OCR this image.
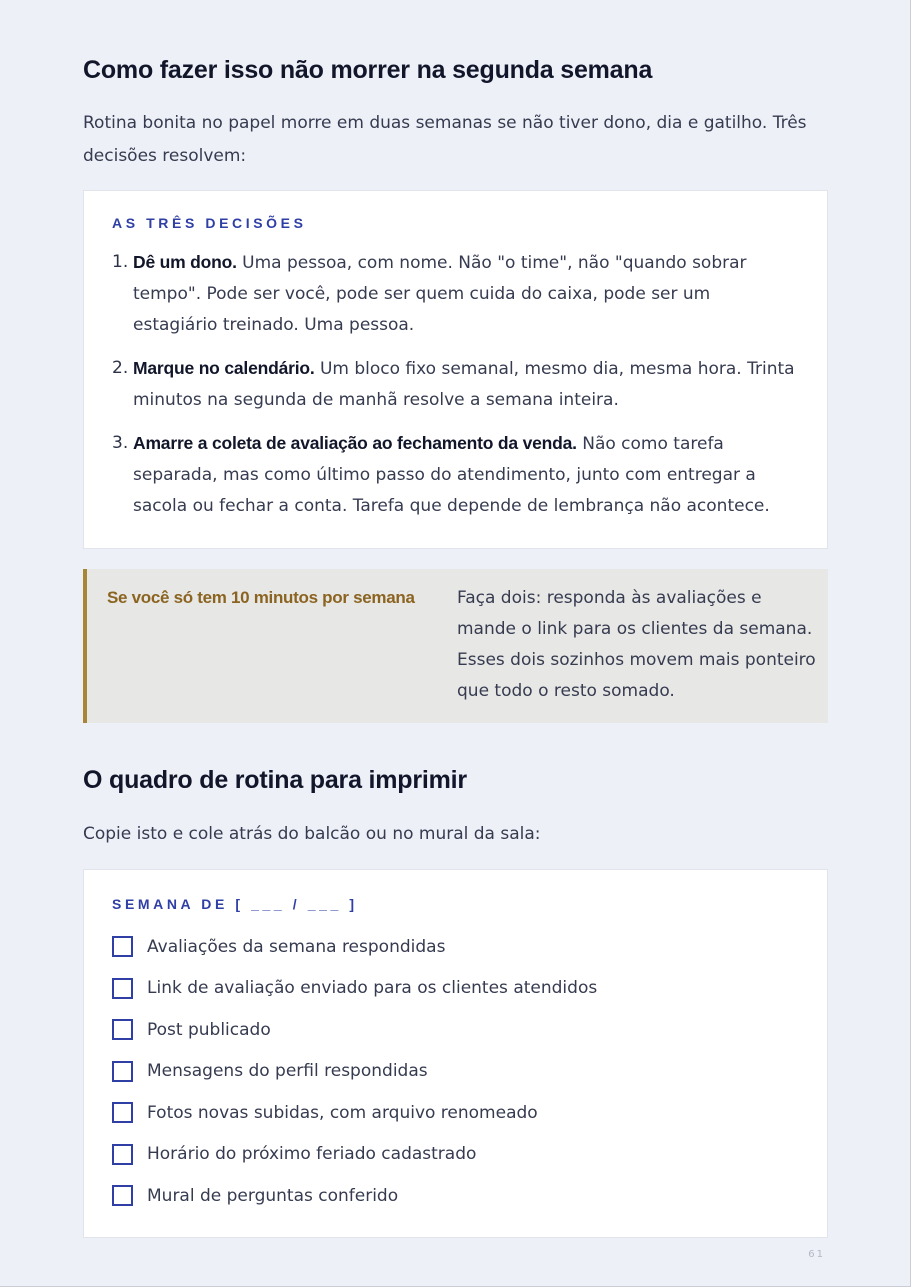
Como fazer isso não morrer na segunda semana

Rotina bonita no papel morre em duas semanas se não tiver dono, dia e gatilho. Três decisões resolvem:

AS TRÊS DECISÕES
1. Dê um dono. Uma pessoa, com nome. Não "o time", não "quando sobrar tempo". Pode ser você, pode ser quem cuida do caixa, pode ser um estagiário treinado. Uma pessoa.
2. Marque no calendário. Um bloco fixo semanal, mesmo dia, mesma hora. Trinta minutos na segunda de manhã resolve a semana inteira.
3. Amarre a coleta de avaliação ao fechamento da venda. Não como tarefa separada, mas como último passo do atendimento, junto com entregar a sacola ou fechar a conta. Tarefa que depende de lembrança não acontece.
Se você só tem 10 minutos por semana	Faça dois: responda às avaliações e mande o link para os clientes da semana. Esses dois sozinhos movem mais ponteiro que todo o resto somado.
O quadro de rotina para imprimir

Copie isto e cole atrás do balcão ou no mural da sala:

SEMANA DE [ ___ / ___ ]
Avaliações da semana respondidas
Link de avaliação enviado para os clientes atendidos
Post publicado
Mensagens do perfil respondidas
Fotos novas subidas, com arquivo renomeado
Horário do próximo feriado cadastrado
Mural de perguntas conferido
61
